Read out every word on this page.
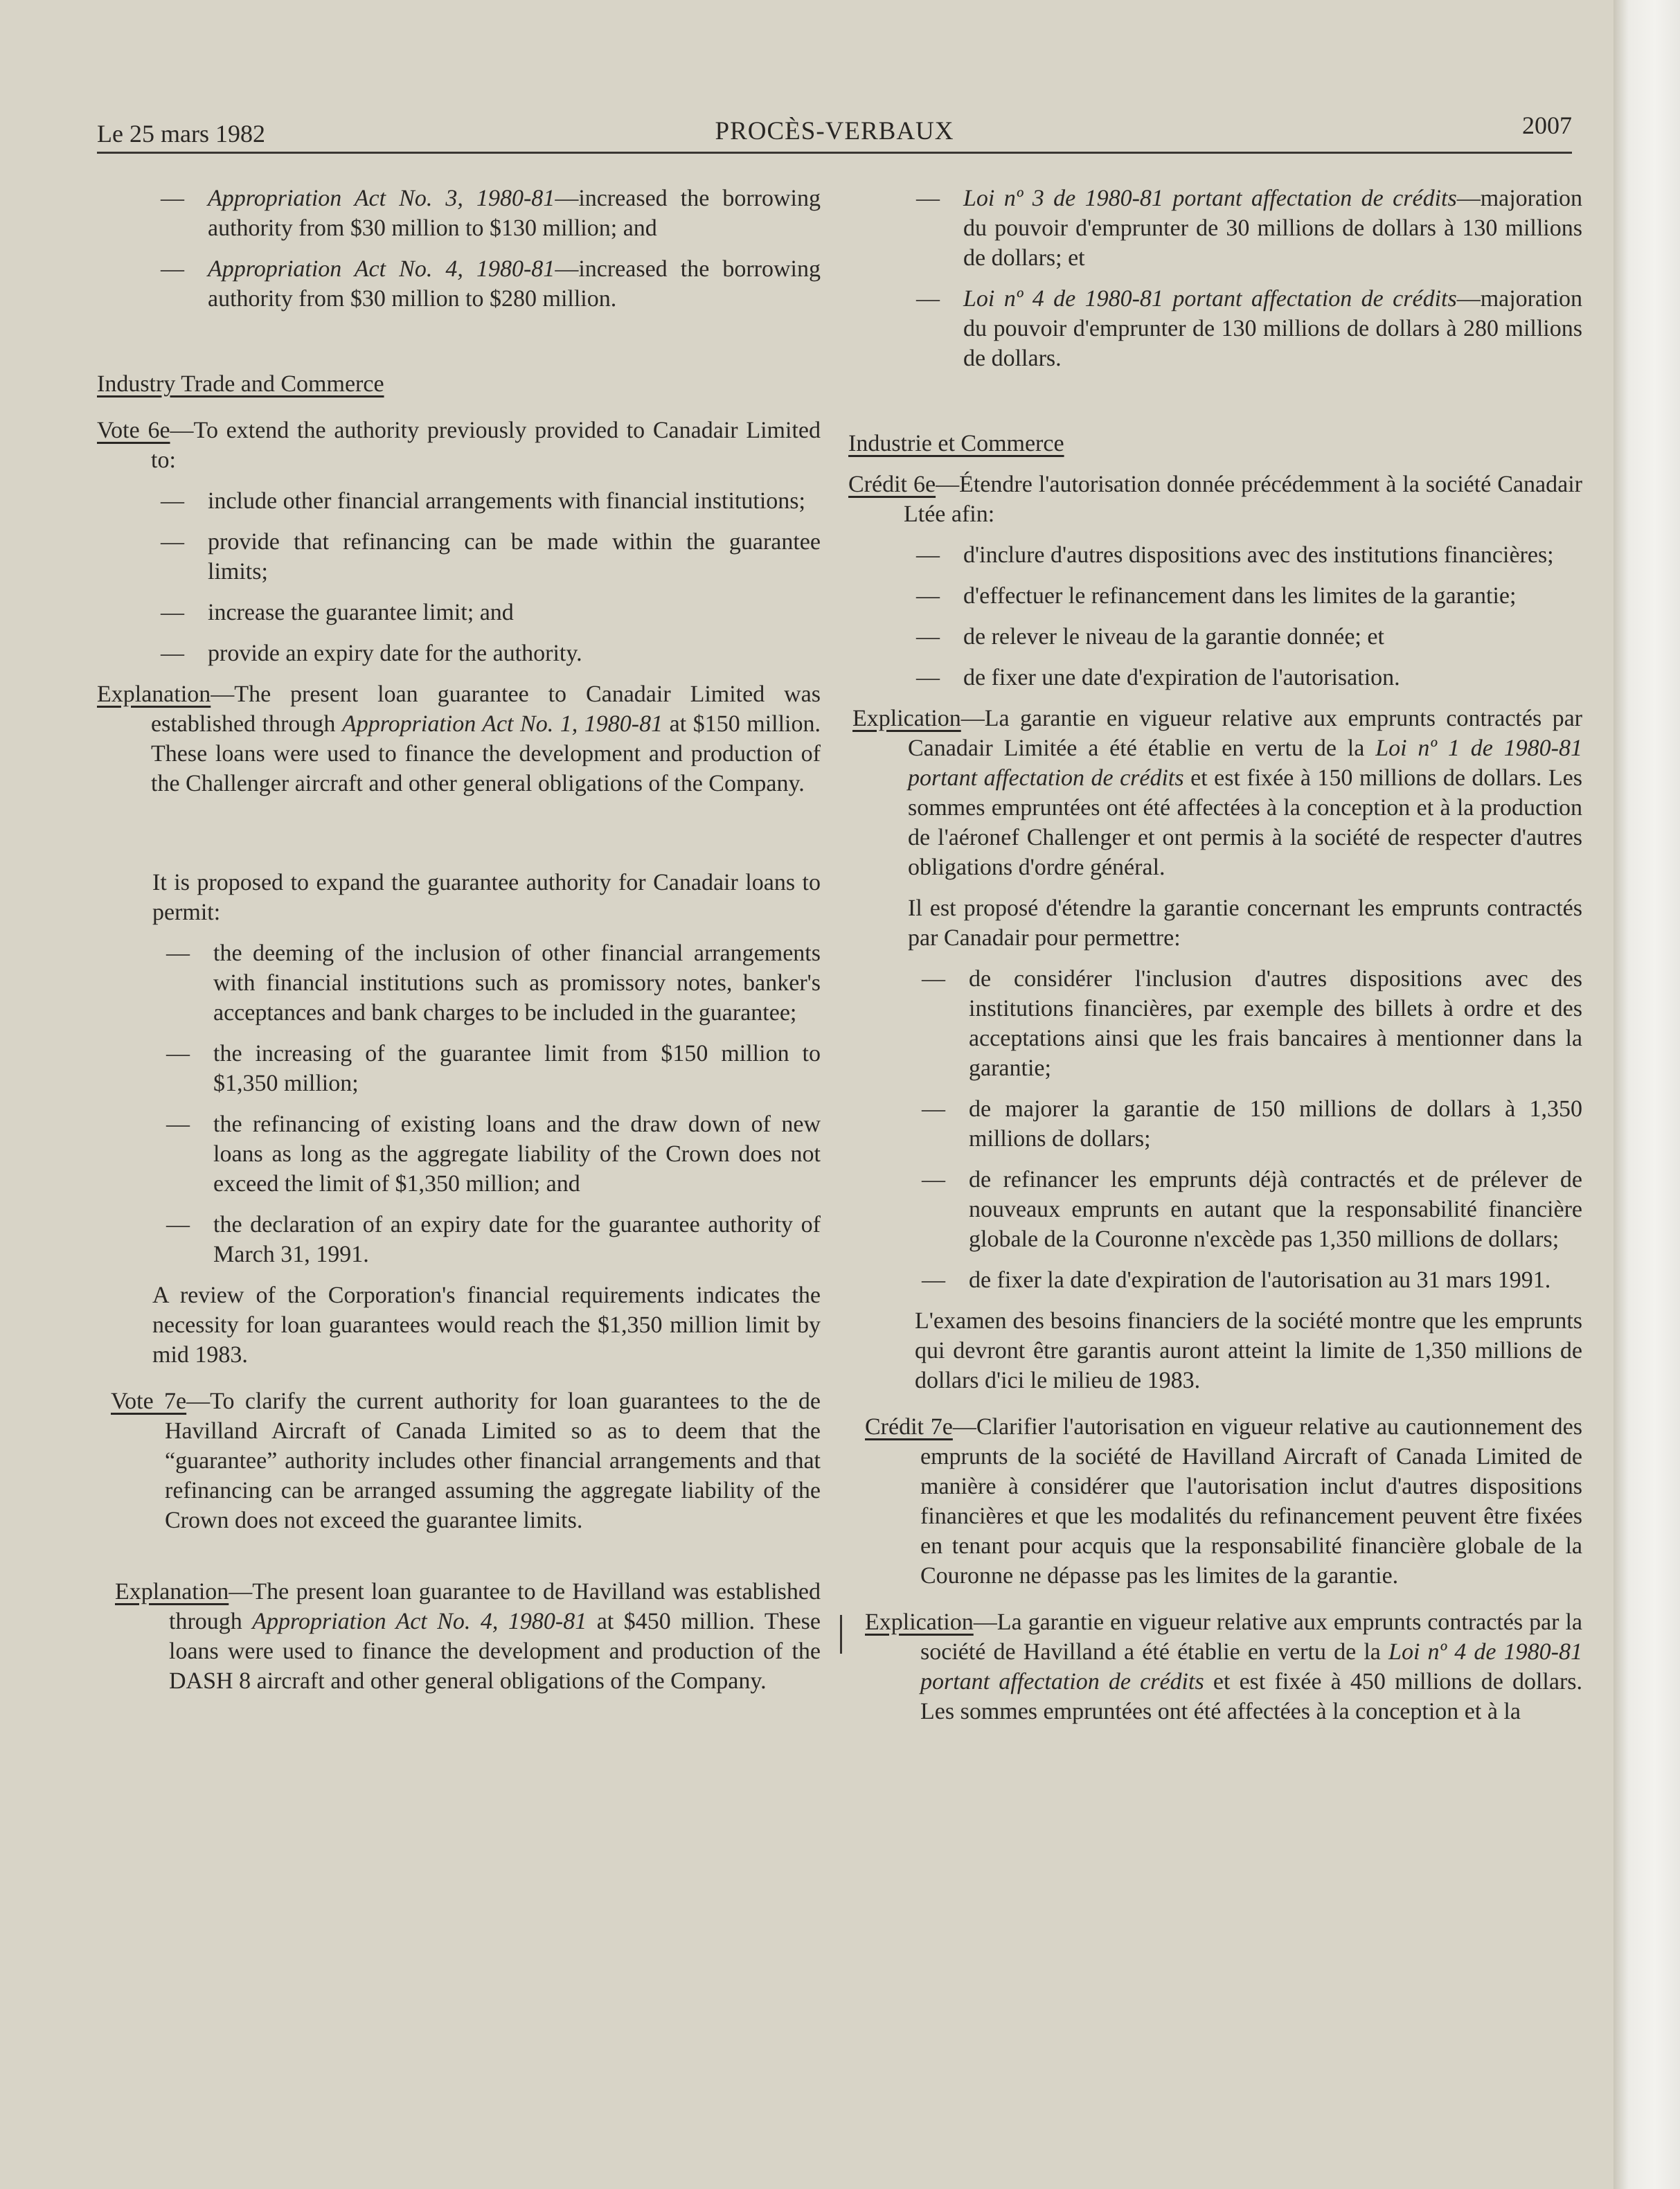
Le 25 mars 1982	PROCÈS-VERBAUX	2007

— Appropriation Act No. 3, 1980-81—increased the borrowing authority from $30 million to $130 million; and

— Appropriation Act No. 4, 1980-81—increased the borrowing authority from $30 million to $280 million.

Industry Trade and Commerce

Vote 6e—To extend the authority previously provided to Canadair Limited to:

— include other financial arrangements with financial institutions;

— provide that refinancing can be made within the guarantee limits;

— increase the guarantee limit; and

— provide an expiry date for the authority.

Explanation—The present loan guarantee to Canadair Limited was established through Appropriation Act No. 1, 1980-81 at $150 million. These loans were used to finance the development and production of the Challenger aircraft and other general obligations of the Company.

It is proposed to expand the guarantee authority for Canadair loans to permit:

— the deeming of the inclusion of other financial arrangements with financial institutions such as promissory notes, banker's acceptances and bank charges to be included in the guarantee;

— the increasing of the guarantee limit from $150 million to $1,350 million;

— the refinancing of existing loans and the draw down of new loans as long as the aggregate liability of the Crown does not exceed the limit of $1,350 million; and

— the declaration of an expiry date for the guarantee authority of March 31, 1991.

A review of the Corporation's financial requirements indicates the necessity for loan guarantees would reach the $1,350 million limit by mid 1983.

Vote 7e—To clarify the current authority for loan guarantees to the de Havilland Aircraft of Canada Limited so as to deem that the “guarantee” authority includes other financial arrangements and that refinancing can be arranged assuming the aggregate liability of the Crown does not exceed the guarantee limits.

Explanation—The present loan guarantee to de Havilland was established through Appropriation Act No. 4, 1980-81 at $450 million. These loans were used to finance the development and production of the DASH 8 aircraft and other general obligations of the Company.

— Loi nº 3 de 1980-81 portant affectation de crédits—majoration du pouvoir d'emprunter de 30 millions de dollars à 130 millions de dollars; et

— Loi nº 4 de 1980-81 portant affectation de crédits—majoration du pouvoir d'emprunter de 130 millions de dollars à 280 millions de dollars.

Industrie et Commerce

Crédit 6e—Étendre l'autorisation donnée précédemment à la société Canadair Ltée afin:

— d'inclure d'autres dispositions avec des institutions financières;

— d'effectuer le refinancement dans les limites de la garantie;

— de relever le niveau de la garantie donnée; et

— de fixer une date d'expiration de l'autorisation.

Explication—La garantie en vigueur relative aux emprunts contractés par Canadair Limitée a été établie en vertu de la Loi nº 1 de 1980-81 portant affectation de crédits et est fixée à 150 millions de dollars. Les sommes empruntées ont été affectées à la conception et à la production de l'aéronef Challenger et ont permis à la société de respecter d'autres obligations d'ordre général.

Il est proposé d'étendre la garantie concernant les emprunts contractés par Canadair pour permettre:

— de considérer l'inclusion d'autres dispositions avec des institutions financières, par exemple des billets à ordre et des acceptations ainsi que les frais bancaires à mentionner dans la garantie;

— de majorer la garantie de 150 millions de dollars à 1,350 millions de dollars;

— de refinancer les emprunts déjà contractés et de prélever de nouveaux emprunts en autant que la responsabilité financière globale de la Couronne n'excède pas 1,350 millions de dollars;

— de fixer la date d'expiration de l'autorisation au 31 mars 1991.

L'examen des besoins financiers de la société montre que les emprunts qui devront être garantis auront atteint la limite de 1,350 millions de dollars d'ici le milieu de 1983.

Crédit 7e—Clarifier l'autorisation en vigueur relative au cautionnement des emprunts de la société de Havilland Aircraft of Canada Limited de manière à considérer que l'autorisation inclut d'autres dispositions financières et que les modalités du refinancement peuvent être fixées en tenant pour acquis que la responsabilité financière globale de la Couronne ne dépasse pas les limites de la garantie.

Explication—La garantie en vigueur relative aux emprunts contractés par la société de Havilland a été établie en vertu de la Loi nº 4 de 1980-81 portant affectation de crédits et est fixée à 450 millions de dollars. Les sommes empruntées ont été affectées à la conception et à la
